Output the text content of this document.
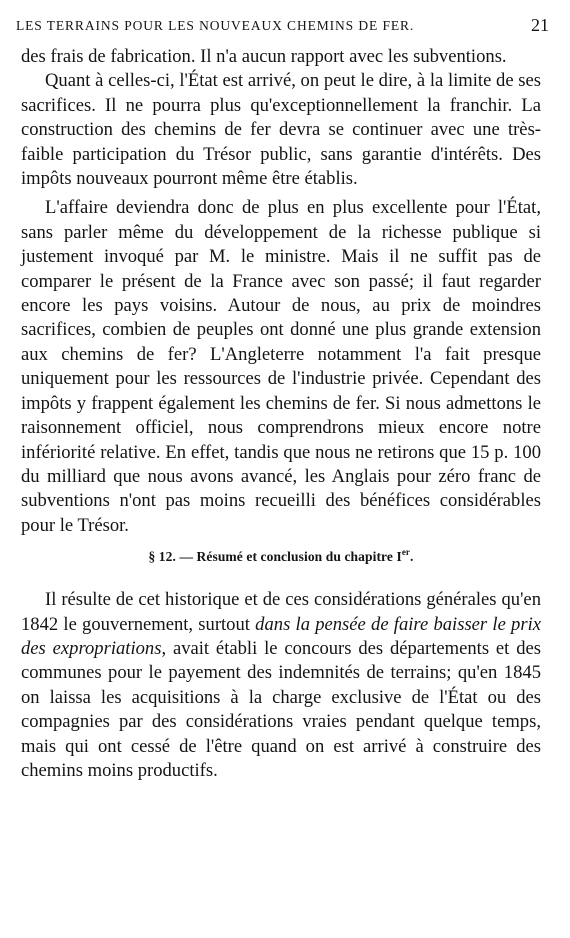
LES TERRAINS POUR LES NOUVEAUX CHEMINS DE FER.	21

des frais de fabrication. Il n'a aucun rapport avec les subventions.

Quant à celles-ci, l'État est arrivé, on peut le dire, à la limite de ses sacrifices. Il ne pourra plus qu'exceptionnellement la franchir. La construction des chemins de fer devra se continuer avec une très-faible participation du Trésor public, sans garantie d'intérêts. Des impôts nouveaux pourront même être établis.

L'affaire deviendra donc de plus en plus excellente pour l'État, sans parler même du développement de la richesse publique si justement invoqué par M. le ministre. Mais il ne suffit pas de comparer le présent de la France avec son passé; il faut regarder encore les pays voisins. Autour de nous, au prix de moindres sacrifices, combien de peuples ont donné une plus grande extension aux chemins de fer? L'Angleterre notamment l'a fait presque uniquement pour les ressources de l'industrie privée. Cependant des impôts y frappent également les chemins de fer. Si nous admettons le raisonnement officiel, nous comprendrons mieux encore notre infériorité relative. En effet, tandis que nous ne retirons que 15 p. 100 du milliard que nous avons avancé, les Anglais pour zéro franc de subventions n'ont pas moins recueilli des bénéfices considérables pour le Trésor.

§ 12. — Résumé et conclusion du chapitre Ier.

Il résulte de cet historique et de ces considérations générales qu'en 1842 le gouvernement, surtout dans la pensée de faire baisser le prix des expropriations, avait établi le concours des départements et des communes pour le payement des indemnités de terrains; qu'en 1845 on laissa les acquisitions à la charge exclusive de l'État ou des compagnies par des considérations vraies pendant quelque temps, mais qui ont cessé de l'être quand on est arrivé à construire des chemins moins productifs.
